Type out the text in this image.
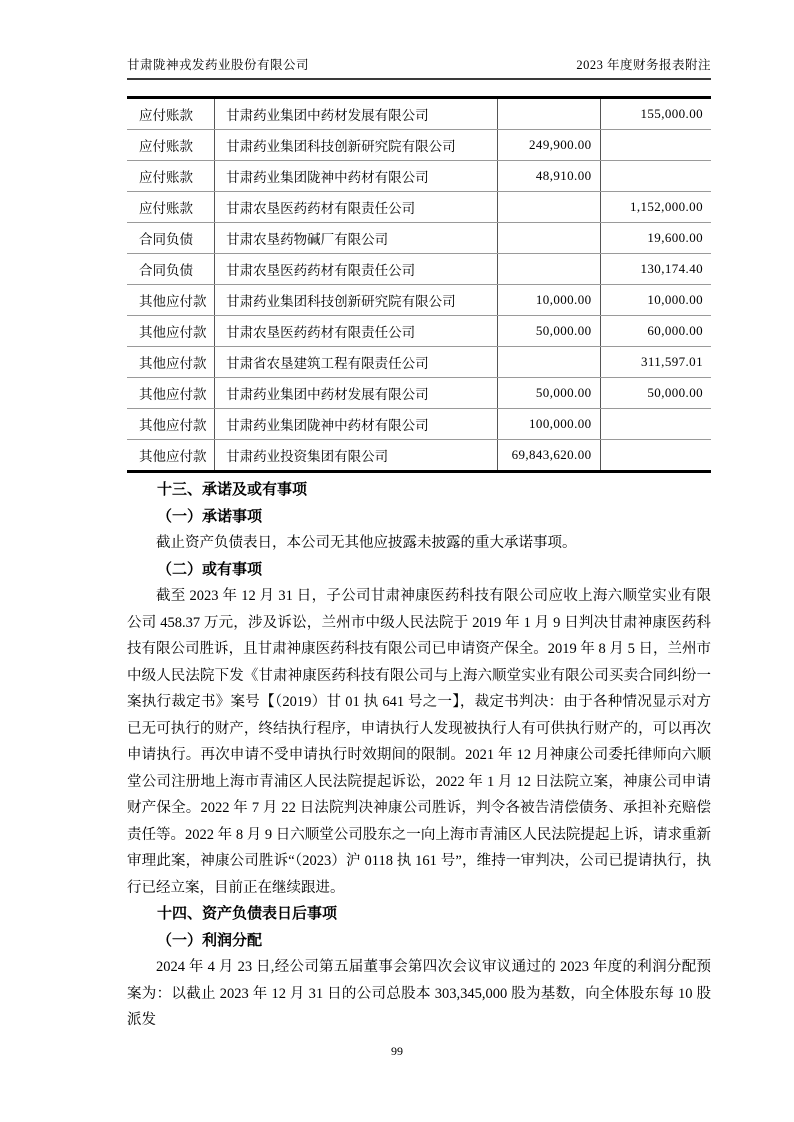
甘肃陇神戎发药业股份有限公司	2023 年度财务报表附注
应付账款	甘肃药业集团中药材发展有限公司		155,000.00
应付账款	甘肃药业集团科技创新研究院有限公司	249,900.00	
应付账款	甘肃药业集团陇神中药材有限公司	48,910.00	
应付账款	甘肃农垦医药药材有限责任公司		1,152,000.00
合同负债	甘肃农垦药物碱厂有限公司		19,600.00
合同负债	甘肃农垦医药药材有限责任公司		130,174.40
其他应付款	甘肃药业集团科技创新研究院有限公司	10,000.00	10,000.00
其他应付款	甘肃农垦医药药材有限责任公司	50,000.00	60,000.00
其他应付款	甘肃省农垦建筑工程有限责任公司		311,597.01
其他应付款	甘肃药业集团中药材发展有限公司	50,000.00	50,000.00
其他应付款	甘肃药业集团陇神中药材有限公司	100,000.00	
其他应付款	甘肃药业投资集团有限公司	69,843,620.00	
十三、承诺及或有事项
（一）承诺事项

截止资产负债表日，本公司无其他应披露未披露的重大承诺事项。

（二）或有事项

截至 2023 年 12 月 31 日，子公司甘肃神康医药科技有限公司应收上海六顺堂实业有限公司 458.37 万元，涉及诉讼，兰州市中级人民法院于 2019 年 1 月 9 日判决甘肃神康医药科技有限公司胜诉，且甘肃神康医药科技有限公司已申请资产保全。2019 年 8 月 5 日，兰州市中级人民法院下发《甘肃神康医药科技有限公司与上海六顺堂实业有限公司买卖合同纠纷一案执行裁定书》案号【（2019）甘 01 执 641 号之一】，裁定书判决：由于各种情况显示对方已无可执行的财产，终结执行程序，申请执行人发现被执行人有可供执行财产的，可以再次申请执行。再次申请不受申请执行时效期间的限制。2021 年 12 月神康公司委托律师向六顺堂公司注册地上海市青浦区人民法院提起诉讼，2022 年 1 月 12 日法院立案，神康公司申请财产保全。2022 年 7 月 22 日法院判决神康公司胜诉，判令各被告清偿债务、承担补充赔偿责任等。2022 年 8 月 9 日六顺堂公司股东之一向上海市青浦区人民法院提起上诉，请求重新审理此案，神康公司胜诉“（2023）沪 0118 执 161 号”，维持一审判决，公司已提请执行，执行已经立案，目前正在继续跟进。

十四、资产负债表日后事项
（一）利润分配

2024 年 4 月 23 日,经公司第五届董事会第四次会议审议通过的 2023 年度的利润分配预案为：以截止 2023 年 12 月 31 日的公司总股本 303,345,000 股为基数，向全体股东每 10 股派发

99
